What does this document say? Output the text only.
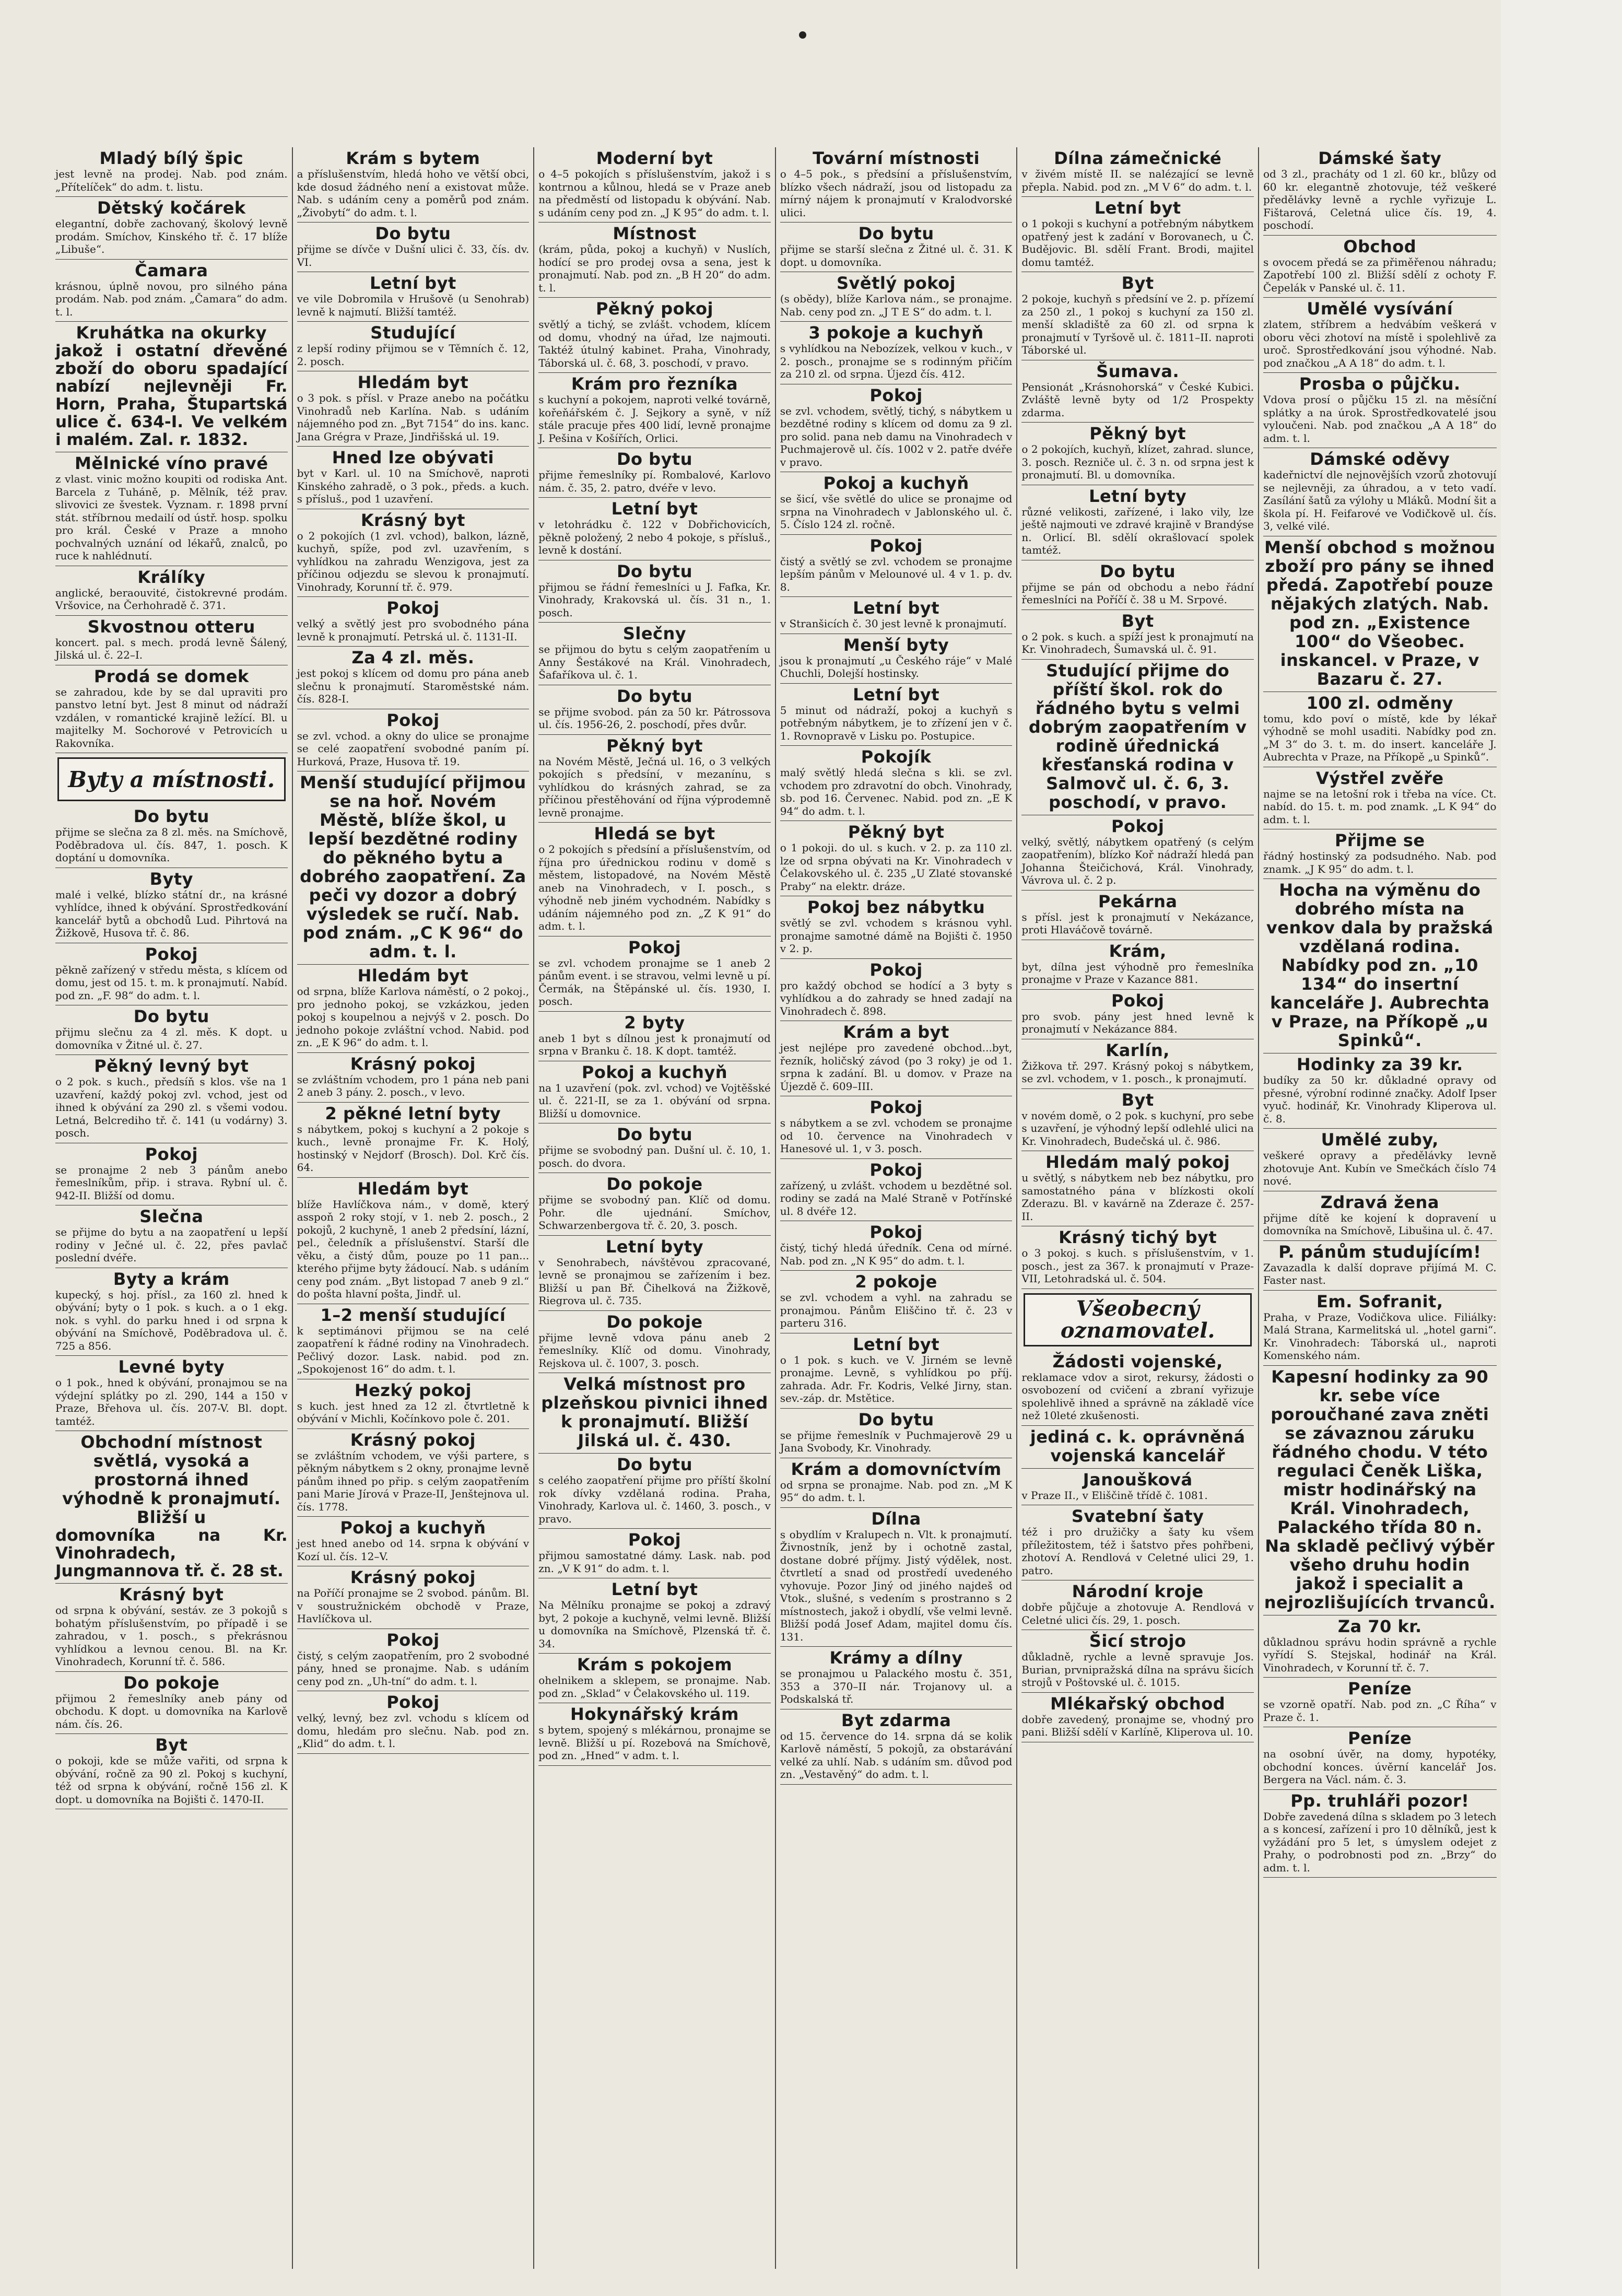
Mladý bílý špic

jest levně na prodej. Nab. pod znám. „Přítelíček“ do adm. t. listu.

Dětský kočárek

elegantní, dobře zachovaný, školový levně prodám. Smíchov, Kinského tř. č. 17 blíže „Libuše“.

Čamara

krásnou, úplně novou, pro silného pána prodám. Nab. pod znám. „Čamara“ do adm. t. l.

Kruhátka na okurky

jakož i ostatní dřevěné zboží do oboru spadající nabízí nejlevněji Fr. Horn, Praha, Štupartská ulice č. 634-I. Ve velkém i malém. Zal. r. 1832.

Mělnické víno pravé

z vlast. vinic možno koupiti od rodiska Ant. Barcela z Tuháně, p. Mělník, též prav. slivovici ze švestek. Vyznam. r. 1898 první stát. stříbrnou medailí od ústř. hosp. spolku pro král. České v Praze a mnoho pochvalných uznání od lékařů, znalců, po ruce k nahlédnutí.

Králíky

anglické, beraouvité, čistokrevné prodám. Vršovice, na Čerhohradě č. 371.

Skvostnou otteru

koncert. pal. s mech. prodá levně Šálený, Jilská ul. č. 22–I.

Prodá se domek

se zahradou, kde by se dal upraviti pro panstvo letní byt. Jest 8 minut od nádraží vzdálen, v romantické krajině ležící. Bl. u majitelky M. Sochorové v Petrovicích u Rakovníka.

Byty a místnosti.
Do bytu

přijme se slečna za 8 zl. měs. na Smíchově, Poděbradova ul. čís. 847, 1. posch. K doptání u domovníka.

Byty

malé i velké, blízko státní dr., na krásné vyhlídce, ihned k obývání. Sprostředkování kancelář bytů a obchodů Lud. Pihrtová na Žižkově, Husova tř. č. 86.

Pokoj

pěkně zařízený v středu města, s klícem od domu, jest od 15. t. m. k pronajmutí. Nabíd. pod zn. „F. 98“ do adm. t. l.

Do bytu

přijmu slečnu za 4 zl. měs. K dopt. u domovníka v Žitné ul. č. 27.

Pěkný levný byt

o 2 pok. s kuch., předsíň s klos. vše na 1 uzavření, každý pokoj zvl. vchod, jest od ihned k obývání za 290 zl. s všemi vodou. Letná, Belcrediho tř. č. 141 (u vodárny) 3. posch.

Pokoj

se pronajme 2 neb 3 pánům anebo řemeslníkům, přip. i strava. Rybní ul. č. 942-II. Bližší od domu.

Slečna

se přijme do bytu a na zaopatření u lepší rodiny v Ječné ul. č. 22, přes pavlač poslední dvéře.

Byty a krám

kupecký, s hoj. přísl., za 160 zl. hned k obývání; byty o 1 pok. s kuch. a o 1 ekg. nok. s vyhl. do parku hned i od srpna k obývání na Smíchově, Poděbradova ul. č. 725 a 856.

Levné byty

o 1 pok., hned k obývání, pronajmou se na výdejní splátky po zl. 290, 144 a 150 v Praze, Břehova ul. čís. 207-V. Bl. dopt. tamtéž.

Obchodní místnost světlá, vysoká a prostorná ihned výhodně k pronajmutí. Bližší u

domovníka na Kr. Vinohradech, Jungmannova tř. č. 28 st.

Krásný byt

od srpna k obývání, sestáv. ze 3 pokojů s bohatým příslušenstvím, po případě i se zahradou, v 1. posch., s překrásnou vyhlídkou a levnou cenou. Bl. na Kr. Vinohradech, Korunní tř. č. 586.

Do pokoje

přijmou 2 řemeslníky aneb pány od obchodu. K dopt. u domovníka na Karlově nám. čís. 26.

Byt

o pokoji, kde se může vařiti, od srpna k obývání, ročně za 90 zl. Pokoj s kuchyní, též od srpna k obývání, ročně 156 zl. K dopt. u domovníka na Bojišti č. 1470-II.

Krám s bytem

a příslušenstvím, hledá hoho ve větší obci, kde dosud žádného není a existovat může. Nab. s udáním ceny a poměrů pod znám. „Živobytí“ do adm. t. l.

Do bytu

přijme se dívče v Dušní ulici č. 33, čís. dv. VI.

Letní byt

ve vile Dobromila v Hrušově (u Senohrab) levně k najmutí. Bližší tamtéž.

Studující

z lepší rodiny přijmou se v Těmních č. 12, 2. posch.

Hledám byt

o 3 pok. s přísl. v Praze anebo na počátku Vinohradů neb Karlína. Nab. s udáním nájemného pod zn. „Byt 7154“ do ins. kanc. Jana Grégra v Praze, Jindřišská ul. 19.

Hned lze obývati

byt v Karl. ul. 10 na Smíchově, naproti Kinského zahradě, o 3 pok., předs. a kuch. s přísluš., pod 1 uzavření.

Krásný byt

o 2 pokojích (1 zvl. vchod), balkon, lázně, kuchyň, spíže, pod zvl. uzavřením, s vyhlídkou na zahradu Wenzigova, jest za příčinou odjezdu se slevou k pronajmutí. Vinohrady, Korunní tř. č. 979.

Pokoj

velký a světlý jest pro svobodného pána levně k pronajmutí. Petrská ul. č. 1131-II.

Za 4 zl. měs.

jest pokoj s klícem od domu pro pána aneb slečnu k pronajmutí. Staroměstské nám. čís. 828-I.

Pokoj

se zvl. vchod. a okny do ulice se pronajme se celé zaopatření svobodné paním pí. Hurková, Praze, Husova tř. 19.

Menší studující přijmou se na hoř. Novém Městě, blíže škol, u lepší bezdětné rodiny do pěkného bytu a dobrého zaopatření. Za peči vy dozor a dobrý výsledek se ručí. Nab. pod znám. „C K 96“ do adm. t. l.
Hledám byt

od srpna, blíže Karlova náměstí, o 2 pokoj., pro jednoho pokoj, se vzkázkou, jeden pokoj s koupelnou a nejvýš v 2. posch. Do jednoho pokoje zvláštní vchod. Nabid. pod zn. „E K 96“ do adm. t. l.

Krásný pokoj

se zvláštním vchodem, pro 1 pána neb pani 2 aneb 3 pány. 2. posch., v levo.

2 pěkné letní byty

s nábytkem, pokoj s kuchyní a 2 pokoje s kuch., levně pronajme Fr. K. Holý, hostinský v Nejdorf (Brosch). Dol. Krč čís. 64.

Hledám byt

blíže Havlíčkova nám., v domě, který asspoň 2 roky stojí, v 1. neb 2. posch., 2 pokojů, 2 kuchyně, 1 aneb 2 předsíní, lázní, pel., čeledník a příslušenství. Starší dle věku, a čistý dům, pouze po 11 pan... kterého přijme byty žádoucí. Nab. s udáním ceny pod znám. „Byt listopad 7 aneb 9 zl.“ do pošta hlavní pošta, Jindř. ul.

1–2 menší studující

k septimánovi přijmou se na celé zaopatření k řádné rodiny na Vinohradech. Pečlivý dozor. Lask. nabid. pod zn. „Spokojenost 16“ do adm. t. l.

Hezký pokoj

s kuch. jest hned za 12 zl. čtvrtletně k obývání v Michli, Kočínkovo pole č. 201.

Krásný pokoj

se zvláštním vchodem, ve výši partere, s pěkným nábytkem s 2 okny, pronajme levně pánům ihned po přip. s celým zaopatřením pani Marie Jírová v Praze-II, Jenštejnova ul. čís. 1778.

Pokoj a kuchyň

jest hned anebo od 14. srpna k obývání v Kozí ul. čís. 12–V.

Krásný pokoj

na Poříčí pronajme se 2 svobod. pánům. Bl. v soustružnickém obchodě v Praze, Havlíčkova ul.

Pokoj

čistý, s celým zaopatřením, pro 2 svobodné pány, hned se pronajme. Nab. s udáním ceny pod zn. „Uh-tní“ do adm. t. l.

Pokoj

velký, levný, bez zvl. vchodu s klícem od domu, hledám pro slečnu. Nab. pod zn. „Klid“ do adm. t. l.

Moderní byt

o 4–5 pokojích s příslušenstvím, jakož i s kontrnou a kůlnou, hledá se v Praze aneb na předměstí od listopadu k obývání. Nab. s udáním ceny pod zn. „J K 95“ do adm. t. l.

Místnost

(krám, půda, pokoj a kuchyň) v Nuslích, hodící se pro prodej ovsa a sena, jest k pronajmutí. Nab. pod zn. „B H 20“ do adm. t. l.

Pěkný pokoj

světlý a tichý, se zvlášt. vchodem, klícem od domu, vhodný na úřad, lze najmouti. Taktéž útulný kabinet. Praha, Vinohrady, Táborská ul. č. 68, 3. poschodí, v pravo.

Krám pro řezníka

s kuchyní a pokojem, naproti velké továrně, kořeňářském č. J. Sejkory a syně, v níž stále pracuje přes 400 lidí, levně pronajme J. Pešina v Košířích, Orlici.

Do bytu

přijme řemeslníky pí. Rombalové, Karlovo nám. č. 35, 2. patro, dvéře v levo.

Letní byt

v letohrádku č. 122 v Dobřichovicích, pěkně položený, 2 nebo 4 pokoje, s přísluš., levně k dostání.

Do bytu

přijmou se řádní řemeslníci u J. Fafka, Kr. Vinohrady, Krakovská ul. čís. 31 n., 1. posch.

Slečny

se přijmou do bytu s celým zaopatřením u Anny Šestákové na Král. Vinohradech, Šafaříkova ul. č. 1.

Do bytu

se přijme svobod. pán za 50 kr. Pátrossova ul. čís. 1956-26, 2. poschodí, přes dvůr.

Pěkný byt

na Novém Městě, Ječná ul. 16, o 3 velkých pokojích s předsíní, v mezanínu, s vyhlídkou do krásných zahrad, se za příčinou přestěhování od října výprodemně levně pronajme.

Hledá se byt

o 2 pokojích s předsíní a příslušenstvím, od října pro úřednickou rodinu v domě s městem, listopadové, na Novém Městě aneb na Vinohradech, v I. posch., s výhodně neb jiném vychodném. Nabídky s udáním nájemného pod zn. „Z K 91“ do adm. t. l.

Pokoj

se zvl. vchodem pronajme se 1 aneb 2 pánům event. i se stravou, velmi levně u pí. Čermák, na Štěpánské ul. čís. 1930, I. posch.

2 byty

aneb 1 byt s dílnou jest k pronajmutí od srpna v Branku č. 18. K dopt. tamtéž.

Pokoj a kuchyň

na 1 uzavření (pok. zvl. vchod) ve Vojtěšské ul. č. 221-II, se za 1. obývání od srpna. Bližší u domovnice.

Do bytu

přijme se svobodný pan. Dušní ul. č. 10, 1. posch. do dvora.

Do pokoje

přijme se svobodný pan. Klíč od domu. Pohr. dle ujednání. Smíchov, Schwarzenbergova tř. č. 20, 3. posch.

Letní byty

v Senohrabech, návštěvou zpracované, levně se pronajmou se zařízením i bez. Bližší u pan Bř. Čihelková na Žižkově, Riegrova ul. č. 735.

Do pokoje

přijme levně vdova pánu aneb 2 řemeslníky. Klíč od domu. Vinohrady, Rejskova ul. č. 1007, 3. posch.

Velká místnost pro plzeňskou pivnici ihned k pronajmutí. Bližší Jilská ul. č. 430.
Do bytu

s celého zaopatření přijme pro příští školní rok dívky vzdělaná rodina. Praha, Vinohrady, Karlova ul. č. 1460, 3. posch., v pravo.

Pokoj

přijmou samostatné dámy. Lask. nab. pod zn. „V K 91“ do adm. t. l.

Letní byt

Na Mělníku pronajme se pokoj a zdravý byt, 2 pokoje a kuchyně, velmi levně. Bližší u domovníka na Smíchově, Plzenská tř. č. 34.

Krám s pokojem

ohelnikem a sklepem, se pronajme. Nab. pod zn. „Sklad“ v Čelakovského ul. 119.

Hokynářský krám

s bytem, spojený s mlékárnou, pronajme se levně. Bližší u pí. Rozebová na Smíchově, pod zn. „Hned“ v adm. t. l.

Tovární místnosti

o 4–5 pok., s předsíní a příslušenstvím, blízko všech nádraží, jsou od listopadu za mírný nájem k pronajmutí v Kralodvorské ulici.

Do bytu

přijme se starší slečna z Žitné ul. č. 31. K dopt. u domovníka.

Světlý pokoj

(s obědy), blíže Karlova nám., se pronajme. Nab. ceny pod zn. „J T E S“ do adm. t. l.

3 pokoje a kuchyň

s vyhlídkou na Nebozízek, velkou v kuch., v 2. posch., pronajme se s rodinným přičím za 210 zl. od srpna. Újezd čís. 412.

Pokoj

se zvl. vchodem, světlý, tichý, s nábytkem u bezdětné rodiny s klícem od domu za 9 zl. pro solid. pana neb damu na Vinohradech v Puchmajerově ul. čís. 1002 v 2. patře dvéře v pravo.

Pokoj a kuchyň

se šicí, vše světlé do ulice se pronajme od srpna na Vinohradech v Jablonského ul. č. 5. Číslo 124 zl. ročně.

Pokoj

čistý a světlý se zvl. vchodem se pronajme lepším pánům v Melounové ul. 4 v 1. p. dv. 8.

Letní byt

v Stranšicích č. 30 jest levně k pronajmutí.

Menší byty

jsou k pronajmutí „u Českého ráje“ v Malé Chuchli, Dolejší hostinsky.

Letní byt

5 minut od nádraží, pokoj a kuchyň s potřebným nábytkem, je to zřízení jen v č. 1. Rovnopravě v Lisku po. Postupice.

Pokojík

malý světlý hledá slečna s kli. se zvl. vchodem pro zdravotní do obch. Vinohrady, sb. pod 16. Červenec. Nabid. pod zn. „E K 94“ do adm. t. l.

Pěkný byt

o 1 pokoji. do ul. s kuch. v 2. p. za 110 zl. lze od srpna obývati na Kr. Vinohradech v Čelakovského ul. č. 235 „U Zlaté stovanské Praby“ na elektr. dráze.

Pokoj bez nábytku

světlý se zvl. vchodem s krásnou vyhl. pronajme samotné dámě na Bojišti č. 1950 v 2. p.

Pokoj

pro každý obchod se hodící a 3 byty s vyhlídkou a do zahrady se hned zadají na Vinohradech č. 898.

Krám a byt

jest nejlépe pro zavedené obchod...byt, řezník, holičský závod (po 3 roky) je od 1. srpna k zadání. Bl. u domov. v Praze na Újezdě č. 609–III.

Pokoj

s nábytkem a se zvl. vchodem se pronajme od 10. července na Vinohradech v Hanesové ul. 1, v 3. posch.

Pokoj

zařízený, u zvlášt. vchodem u bezdětné sol. rodiny se zadá na Malé Straně v Potřínské ul. 8 dvéře 12.

Pokoj

čistý, tichý hledá úředník. Cena od mírné. Nab. pod zn. „N K 95“ do adm. t. l.

2 pokoje

se zvl. vchodem a vyhl. na zahradu se pronajmou. Pánům Eliščino tř. č. 23 v parteru 316.

Letní byt

o 1 pok. s kuch. ve V. Jirném se levně pronajme. Levně, s vyhlídkou po příj. zahrada. Adr. Fr. Kodris, Velké Jirny, stan. sev.-záp. dr. Mstětice.

Do bytu

se přijme řemeslník v Puchmajerově 29 u Jana Svobody, Kr. Vinohrady.

Krám a domovníctvím

od srpna se pronajme. Nab. pod zn. „M K 95“ do adm. t. l.

Dílna

s obydlím v Kralupech n. Vlt. k pronajmutí. Živnostník, jenž by i ochotně zastal, dostane dobré příjmy. Jistý výdělek, nost. čtvrtletí a snad od prostředí uvedeného vyhovuje. Pozor Jiný od jiného najdeš od Vtok., slušné, s vedením s prostranno s 2 místnostech, jakož i obydlí, vše velmi levně. Bližší podá Josef Adam, majitel domu čís. 131.

Krámy a dílny

se pronajmou u Palackého mostu č. 351, 353 a 370–II nár. Trojanovy ul. a Podskalská tř.

Byt zdarma

od 15. července do 14. srpna dá se kolik Karlově náměstí, 5 pokojů, za obstarávání velké za uhlí. Nab. s udáním sm. důvod pod zn. „Vestavěný“ do adm. t. l.

Dílna zámečnické

v živém místě II. se nalézající se levně přepla. Nabid. pod zn. „M V 6“ do adm. t. l.

Letní byt

o 1 pokoji s kuchyní a potřebným nábytkem opatřený jest k zadání v Borovanech, u Č. Budějovic. Bl. sdělí Frant. Brodi, majitel domu tamtéž.

Byt

2 pokoje, kuchyň s předsíní ve 2. p. přízemí za 250 zl., 1 pokoj s kuchyní za 150 zl. menší skladiště za 60 zl. od srpna k pronajmutí v Tyršově ul. č. 1811–II. naproti Táborské ul.

Šumava.

Pensionát „Krásnohorská“ v České Kubici. Zvláště levně byty od 1/2 Prospekty zdarma.

Pěkný byt

o 2 pokojích, kuchyň, klízet, zahrad. slunce, 3. posch. Rezniče ul. č. 3 n. od srpna jest k pronajmutí. Bl. u domovníka.

Letní byty

různé velikosti, zařízené, i lako vily, lze ještě najmouti ve zdravé krajině v Brandýse n. Orlicí. Bl. sdělí okrašlovací spolek tamtéž.

Do bytu

přijme se pán od obchodu a nebo řádní řemeslníci na Poříčí č. 38 u M. Srpové.

Byt

o 2 pok. s kuch. a spíží jest k pronajmutí na Kr. Vinohradech, Šumavská ul. č. 91.

Studující přijme do příští škol. rok do řádného bytu s velmi dobrým zaopatřením v rodině úřednická křesťanská rodina v Salmovč ul. č. 6, 3. poschodí, v pravo.
Pokoj

velký, světlý, nábytkem opatřený (s celým zaopatřením), blízko Koř nádraží hledá pan Johanna Šteičichová, Král. Vinohrady, Vávrova ul. č. 2 p.

Pekárna

s přísl. jest k pronajmutí v Nekázance, proti Hlaváčově továrně.

Krám,

byt, dílna jest výhodně pro řemeslníka pronajme v Praze v Kazance 881.

Pokoj

pro svob. pány jest hned levně k pronajmutí v Nekázance 884.

Karlín,

Žižkova tř. 297. Krásný pokoj s nábytkem, se zvl. vchodem, v 1. posch., k pronajmutí.

Byt

v novém domě, o 2 pok. s kuchyní, pro sebe s uzavření, je výhodný lepší odlehlé ulici na Kr. Vinohradech, Budečská ul. č. 986.

Hledám malý pokoj

u světlý, s nábytkem neb bez nábytku, pro samostatného pána v blízkosti okolí Zderazu. Bl. v kavárně na Zderaze č. 257-II.

Krásný tichý byt

o 3 pokoj. s kuch. s příslušenstvím, v 1. posch., jest za 367. k pronajmutí v Praze-VII, Letohradská ul. č. 504.

Všeobecný oznamovatel.
Žádosti vojenské,

reklamace vdov a sirot, rekursy, žádosti o osvobození od cvičení a zbraní vyřizuje spolehlivě ihned a správně na základě více než 10leté zkušenosti.

jediná c. k. oprávněná vojenská kancelář
Janoušková

v Praze II., v Eliščině třídě č. 1081.

Svatební šaty

též i pro družičky a šaty ku všem příležitostem, též i šatstvo přes pohřbeni, zhotoví A. Rendlová v Celetné ulici 29, 1. patro.

Národní kroje

dobře půjčuje a zhotovuje A. Rendlová v Celetné ulici čís. 29, 1. posch.

Šicí strojo

důkladně, rychle a levně spravuje Jos. Burian, prvnipražská dílna na správu šicích strojů v Poštovské ul. č. 1015.

Mlékařský obchod

dobře zavedený, pronajme se, vhodný pro pani. Bližší sdělí v Karlíně, Kliperova ul. 10.

Dámské šaty

od 3 zl., pracháty od 1 zl. 60 kr., blůzy od 60 kr. elegantně zhotovuje, též veškeré předělávky levně a rychle vyřizuje L. Fištarová, Celetná ulice čís. 19, 4. poschodí.

Obchod

s ovocem předá se za přiměřenou náhradu; Zapotřebí 100 zl. Bližší sdělí z ochoty F. Čepelák v Panské ul. č. 11.

Umělé vysívání

zlatem, stříbrem a hedvábím veškerá v oboru věci zhotoví na místě i spolehlivě za uroč. Sprostředkování jsou výhodné. Nab. pod značkou „A A 18“ do adm. t. l.

Prosba o půjčku.

Vdova prosí o půjčku 15 zl. na měsíční splátky a na úrok. Sprostředkovatelé jsou vyloučeni. Nab. pod značkou „A A 18“ do adm. t. l.

Dámské oděvy

kadeřnictví dle nejnovějších vzorů zhotovují se nejlevněji, za úhradou, a v teto vadí. Zasílání šatů za výlohy u Mláků. Modní šit a škola pí. H. Feifarové ve Vodičkově ul. čís. 3, velké vilé.

Menší obchod s možnou zboží pro pány se ihned předá. Zapotřebí pouze nějakých zlatých. Nab. pod zn. „Existence 100“ do Všeobec. inskancel. v Praze, v Bazaru č. 27.
100 zl. odměny

tomu, kdo poví o místě, kde by lékař výhodně se mohl usaditi. Nabídky pod zn. „M 3“ do 3. t. m. do insert. kanceláře J. Aubrechta v Praze, na Příkopě „u Spinků“.

Výstřel zvěře

najme se na letošní rok i třeba na více. Ct. nabíd. do 15. t. m. pod znamk. „L K 94“ do adm. t. l.

Přijme se

řádný hostinský za podsudného. Nab. pod znamk. „J K 95“ do adm. t. l.

Hocha na výměnu do dobrého místa na venkov dala by pražská vzdělaná rodina. Nabídky pod zn. „10 134“ do insertní kanceláře J. Aubrechta v Praze, na Příkopě „u Spinků“.
Hodinky za 39 kr.

budíky za 50 kr. důkladné opravy od přesné, výrobní rodinné značky. Adolf Ipser vyuč. hodinář, Kr. Vinohrady Kliperova ul. č. 8.

Umělé zuby,

veškeré opravy a předělávky levně zhotovuje Ant. Kubín ve Smečkách číslo 74 nové.

Zdravá žena

přijme dítě ke kojení k dopravení u domovníka na Smíchově, Libušina ul. č. 47.

P. pánům studujícím!

Zavazadla k další doprave přijímá M. C. Faster nast.

Em. Sofranit,

Praha, v Praze, Vodičkova ulice. Filiálky: Malá Strana, Karmelitská ul. „hotel garni“. Kr. Vinohradech: Táborská ul., naproti Komenského nám.

Kapesní hodinky za 90 kr. sebe více poroučhané zava zněti se závaznou záruku řádného chodu. V této regulaci Čeněk Liška, mistr hodinářský na Král. Vinohradech, Palackého třída 80 n. Na skladě pečlivý výběr všeho druhu hodin jakož i specialit a nejrozlišujících trvanců.
Za 70 kr.

důkladnou správu hodin správně a rychle vyřídí S. Stejskal, hodinář na Král. Vinohradech, v Korunní tř. č. 7.

Peníze

se vzorně opatří. Nab. pod zn. „C Říha“ v Praze č. 1.

Peníze

na osobní úvěr, na domy, hypotéky, obchodní konces. úvěrní kancelář Jos. Bergera na Václ. nám. č. 3.

Pp. truhláři pozor!

Dobře zavedená dílna s skladem po 3 letech a s koncesí, zařízení i pro 10 dělníků, jest k vyžádání pro 5 let, s úmyslem odejet z Prahy, o podrobnosti pod zn. „Brzy“ do adm. t. l.
